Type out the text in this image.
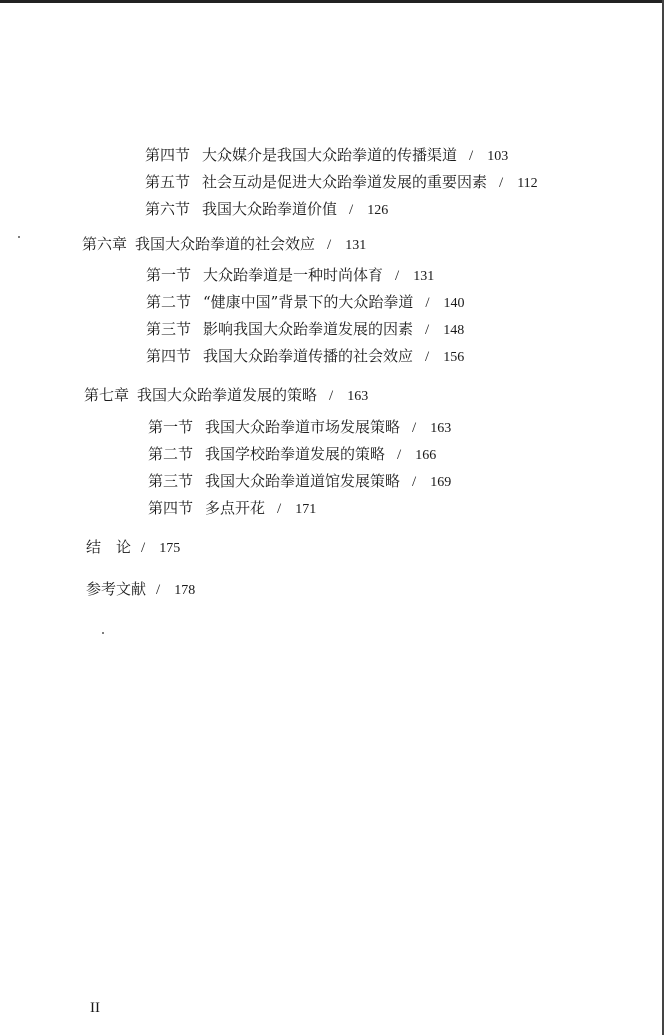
第四节 大众媒介是我国大众跆拳道的传播渠道 / 103
第五节 社会互动是促进大众跆拳道发展的重要因素 / 112
第六节 我国大众跆拳道价值 / 126
第六章 我国大众跆拳道的社会效应 / 131
第一节 大众跆拳道是一种时尚体育 / 131
第二节 “健康中国”背景下的大众跆拳道 / 140
第三节 影响我国大众跆拳道发展的因素 / 148
第四节 我国大众跆拳道传播的社会效应 / 156
第七章 我国大众跆拳道发展的策略 / 163
第一节 我国大众跆拳道市场发展策略 / 163
第二节 我国学校跆拳道发展的策略 / 166
第三节 我国大众跆拳道道馆发展策略 / 169
第四节 多点开花 / 171
结　论 / 175
参考文献 / 178
II
